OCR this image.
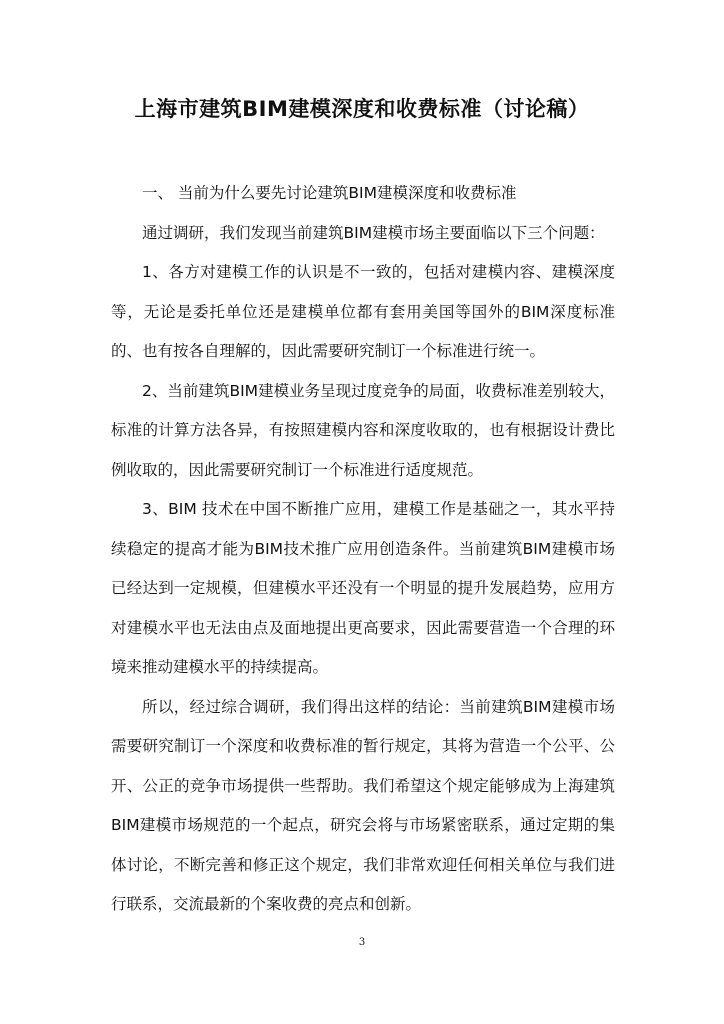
上海市建筑BIM建模深度和收费标准（讨论稿）

一、 当前为什么要先讨论建筑BIM建模深度和收费标准

通过调研，我们发现当前建筑BIM建模市场主要面临以下三个问题：

1、各方对建模工作的认识是不一致的，包括对建模内容、建模深度等，无论是委托单位还是建模单位都有套用美国等国外的BIM深度标准的、也有按各自理解的，因此需要研究制订一个标准进行统一。

2、当前建筑BIM建模业务呈现过度竞争的局面，收费标准差别较大，标准的计算方法各异，有按照建模内容和深度收取的，也有根据设计费比例收取的，因此需要研究制订一个标准进行适度规范。

3、BIM 技术在中国不断推广应用，建模工作是基础之一，其水平持续稳定的提高才能为BIM技术推广应用创造条件。当前建筑BIM建模市场已经达到一定规模，但建模水平还没有一个明显的提升发展趋势，应用方对建模水平也无法由点及面地提出更高要求，因此需要营造一个合理的环境来推动建模水平的持续提高。

所以，经过综合调研，我们得出这样的结论：当前建筑BIM建模市场需要研究制订一个深度和收费标准的暂行规定，其将为营造一个公平、公开、公正的竞争市场提供一些帮助。我们希望这个规定能够成为上海建筑BIM建模市场规范的一个起点，研究会将与市场紧密联系，通过定期的集体讨论，不断完善和修正这个规定，我们非常欢迎任何相关单位与我们进行联系，交流最新的个案收费的亮点和创新。

3
